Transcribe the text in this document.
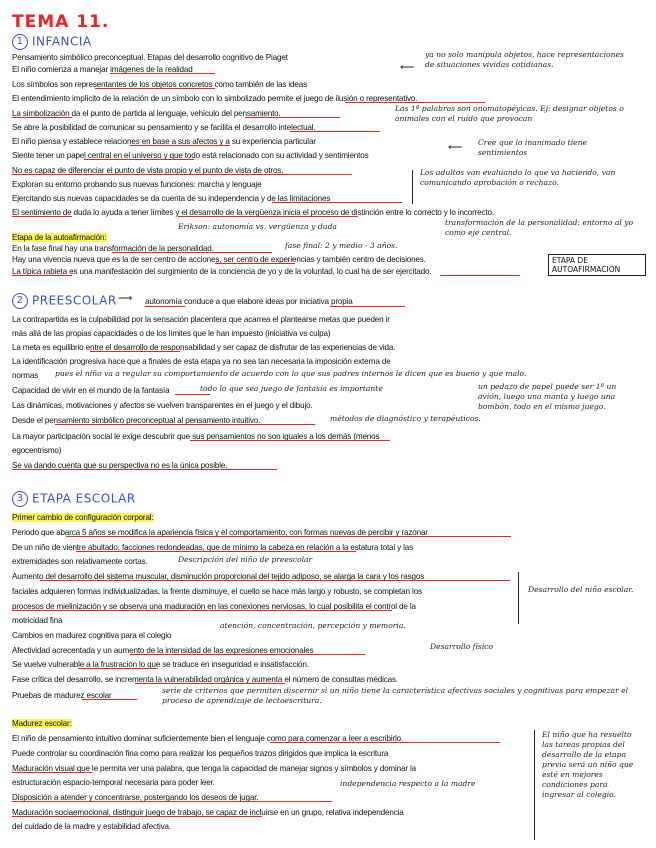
TEMA 11.
1 INFANCIA
Pensamiento simbólico preconceptual. Etapas del desarrollo cognitivo de Piaget
El niño comienza a manejar imágenes de la realidad
Los símbolos son representantes de los objetos concretos como también de las ideas
El entendimiento implícito de la relación de un símbolo con lo simbolizado permite el juego de ilusión o representativo.
La simbolización da el punto de partida al lenguaje, vehículo del pensamiento.
Se abre la posibilidad de comunicar su pensamiento y se facilita el desarrollo intelectual.
El niño piensa y establece relaciones en base a sus afectos y a su experiencia particular
Siente tener un papel central en el universo y que todo está relacionado con su actividad y sentimientos
No es capaz de diferenciar el punto de vista propio y el punto de vista de otros.
Exploran su entorno probando sus nuevas funciones: marcha y lenguaje
Ejercitando sus nuevas capacidades se da cuenta de su independencia y de las limitaciones
El sentimiento de duda lo ayuda a tener límites y el desarrollo de la vergüenza inicia el proceso de distinción entre lo correcto y lo incorrecto.
⟵
ya no solo manipula objetos, hace representaciones de situaciones vividas cotidianas.
Las 1ª palabras son onomatopéyicas. Ej: designar objetos o animales con el ruido que provocan
⟵ Cree que lo inanimado tiene sentimientos
Los adultos van evaluando lo que va haciendo, van comunicando aprobación o rechazo.
Erikson: autonomía vs. vergüenza y duda	transformación de la personalidad: entorno al yo como eje central.
Etapa de la autoafirmación:
En la fase final hay una transformación de la personalidad.	fase final: 2 y medio - 3 años.
Hay una vivencia nueva que es la de ser centro de acciones, ser centro de experiencias y también centro de decisiones.
La típica rabieta es una manifestación del surgimiento de la conciencia de yo y de la voluntad, lo cual ha de ser ejercitado.
ETAPA DE AUTOAFIRMACIÓN
2 PREESCOLAR ⟶ autonomía conduce a que elabore ideas por iniciativa propia
La contrapartida es la culpabilidad por la sensación placentera que acarrea el plantearse metas que pueden ir
más allá de las propias capacidades o de los límites que le han impuesto (iniciativa vs culpa)
La meta es equilibrio entre el desarrollo de responsabilidad y ser capaz de disfrutar de las experiencias de vida.
La identificación progresiva hace que a finales de esta etapa ya no sea tan necesaria la imposición externa de
normas pues el niño va a regular su comportamiento de acuerdo con lo que sus padres internos le dicen que es bueno y que malo.
Capacidad de vivir en el mundo de la fantasía	todo lo que sea juego de fantasía es importante	un pedazo de papel puede ser 1º un avión, luego una manta y luego una bombón, todo en el mismo juego.
Las dinámicas, motivaciones y afectos se vuelven transparentes en el juego y el dibujo.
Desde el pensamiento simbólico preconceptual al pensamiento intuitivo.	métodos de diagnóstico y terapéuticos.
La mayor participación social le exige descubrir que sus pensamientos no son iguales a los demás (menos
egocentrismo)
Se va dando cuenta que su perspectiva no es la única posible.
3 ETAPA ESCOLAR
Primer cambio de configuración corporal:
Periodo que abarca 5 años se modifica la apariencia física y el comportamiento, con formas nuevas de percibir y razonar
De un niño de vientre abultado, facciones redondeadas, que de mínimo la cabeza en relación a la estatura total y las
extremidades son relativamente cortas.	Descripción del niño de preescolar
Aumento del desarrollo del sistema muscular, disminución proporcional del tejido adiposo, se alarga la cara y los rasgos
faciales adquieren formas individualizadas, la frente disminuye, el cuello se hace más largo y robusto, se completan los
procesos de mielinización y se observa una maduración en las conexiones nerviosas, lo cual posibilita el control de la
motricidad fina
Desarrollo del niño escolar.
Cambios en madurez cognitiva para el colegio
atención, concentración, percepción y memoria.
Afectividad acrecentada y un aumento de la intensidad de las expresiones emocionales	Desarrollo físico
Se vuelve vulnerable a la frustración lo que se traduce en inseguridad e insatisfacción.
Fase crítica del desarrollo, se incrementa la vulnerabilidad orgánica y aumenta el número de consultas médicas.
Pruebas de madurez escolar
serie de criterios que permiten discernir si un niño tiene la característica afectivas sociales y cognitivas para empezar el proceso de aprendizaje de lectoescritura.
Madurez escolar:
El niño de pensamiento intuitivo dominar suficientemente bien el lenguaje como para comenzar a leer a escribirlo.
Puede controlar su coordinación fina como para realizar los pequeños trazos dirigidos que implica la escritura
Maduración visual que le permita ver una palabra, que tenga la capacidad de manejar signos y símbolos y dominar la
estructuración espacio-temporal necesaria para poder leer.
Disposición a atender y concentrarse, postergando los deseos de jugar.
independencia respecto a la madre
Maduración sociaemocional, distinguir juego de trabajo, se capaz de incluirse en un grupo, relativa independencia
del cuidado de la madre y estabilidad afectiva.
El niño que ha resuelto las tareas propias del desarrollo de la etapa previa será un niño que esté en mejores condiciones para ingresar al colegio.
